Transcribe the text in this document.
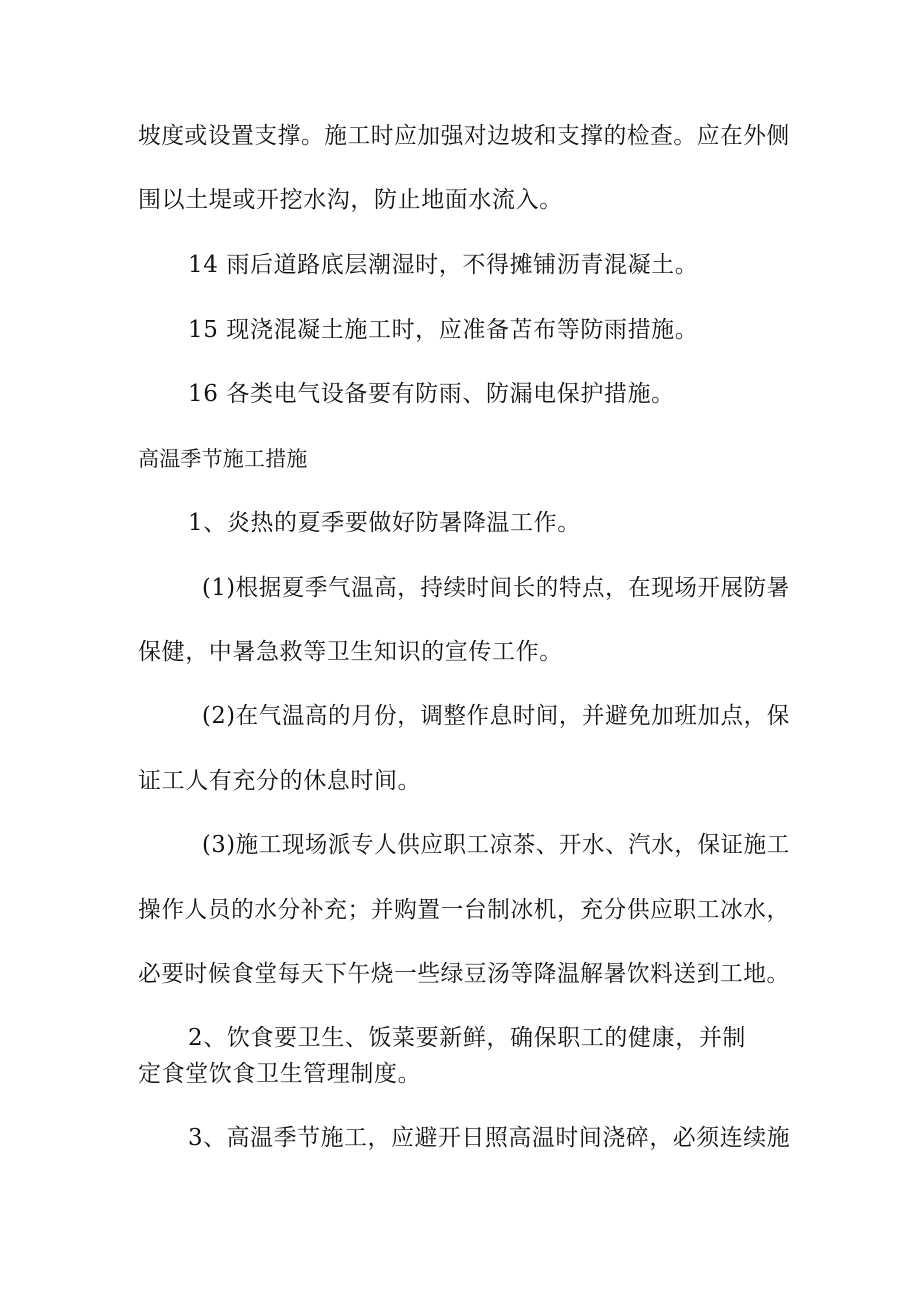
坡度或设置支撑。施工时应加强对边坡和支撑的检查。应在外侧
围以土堤或开挖水沟，防止地面水流入。
14 雨后道路底层潮湿时，不得摊铺沥青混凝土。
15 现浇混凝土施工时，应准备苫布等防雨措施。
16 各类电气设备要有防雨、防漏电保护措施。
高温季节施工措施
1、炎热的夏季要做好防暑降温工作。
(1)根据夏季气温高，持续时间长的特点，在现场开展防暑
保健，中暑急救等卫生知识的宣传工作。
(2)在气温高的月份，调整作息时间，并避免加班加点，保
证工人有充分的休息时间。
(3)施工现场派专人供应职工凉茶、开水、汽水，保证施工
操作人员的水分补充；并购置一台制冰机，充分供应职工冰水，
必要时候食堂每天下午烧一些绿豆汤等降温解暑饮料送到工地。
2、饮食要卫生、饭菜要新鲜，确保职工的健康，并制
定食堂饮食卫生管理制度。
3、高温季节施工，应避开日照高温时间浇碎，必须连续施
